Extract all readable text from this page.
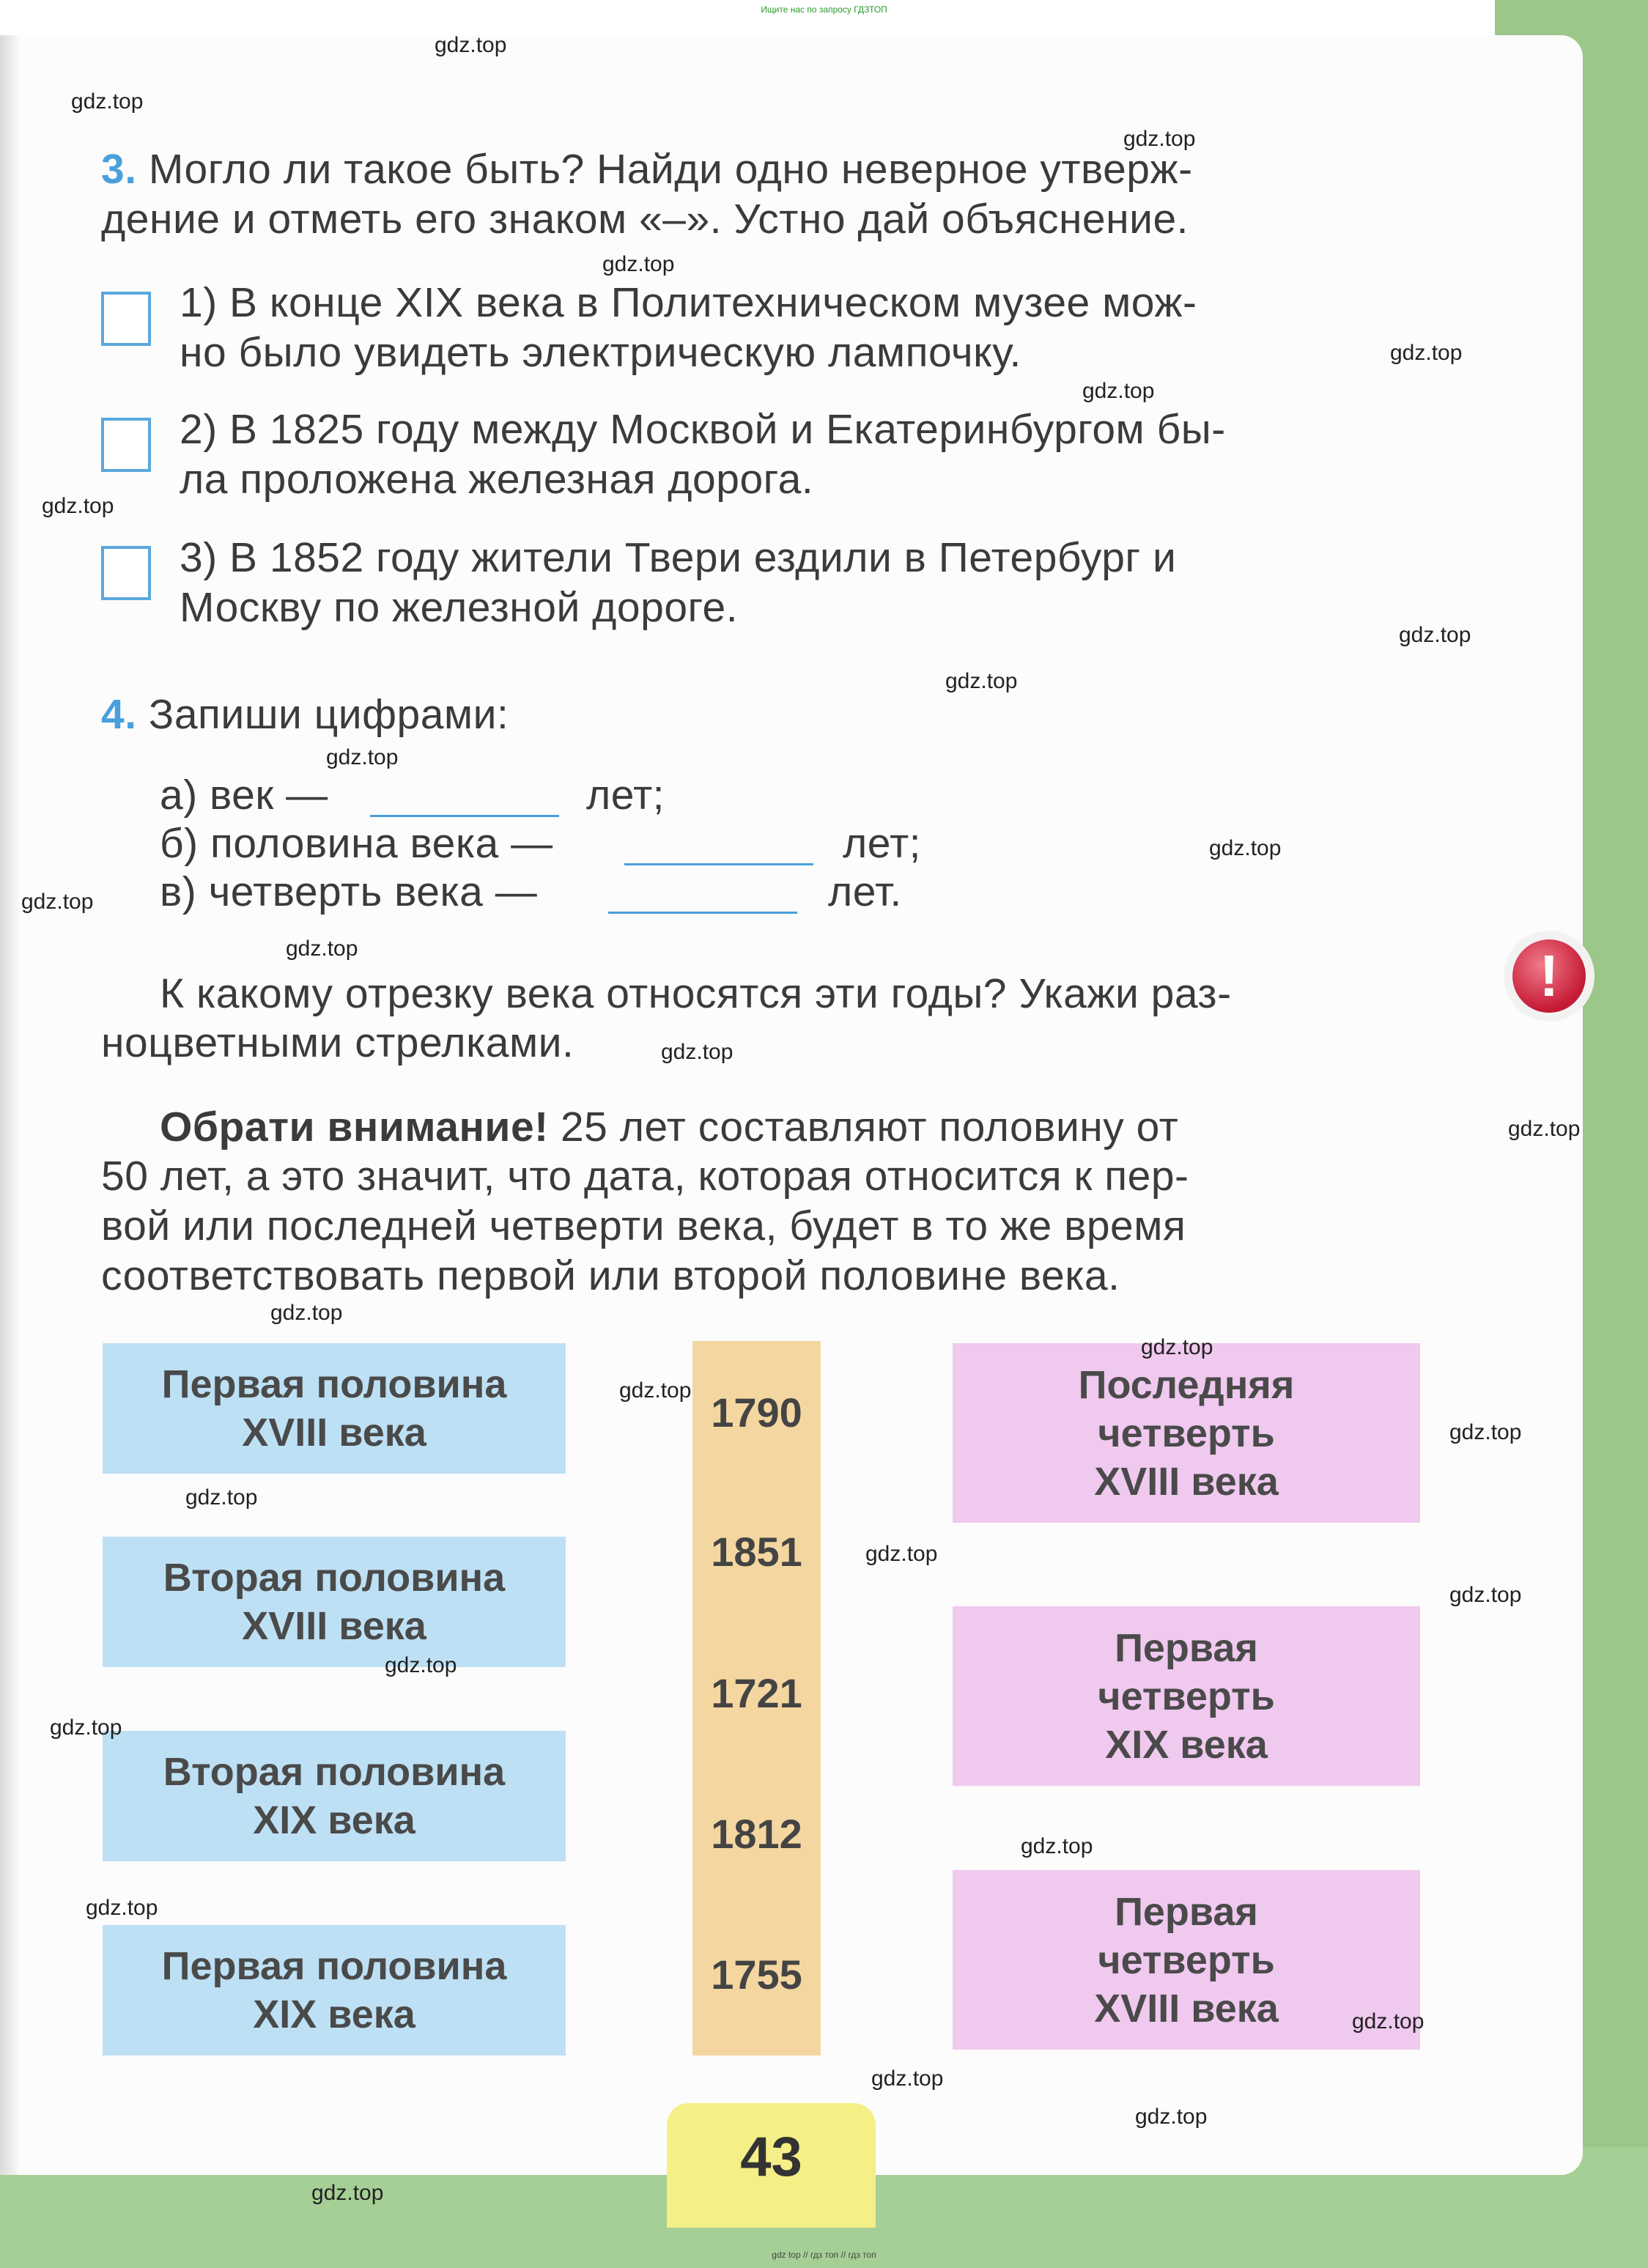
Ищите нас по запросу ГДЗТОП
3. Могло ли такое быть? Найди одно неверное утверж-
дение и отметь его знаком «–». Устно дай объяснение.
1) В конце XIX века в Политехническом музее мож-
но было увидеть электрическую лампочку.
2) В 1825 году между Москвой и Екатеринбургом бы-
ла проложена железная дорога.
3) В 1852 году жители Твери ездили в Петербург и
Москву по железной дороге.
4. Запиши цифрами:
а) век —	лет;
б) половина века —	лет;
в) четверть века —	лет.
К какому отрезку века относятся эти годы? Укажи раз-
ноцветными стрелками.
!
Обрати внимание! 25 лет составляют половину от
50 лет, а это значит, что дата, которая относится к пер-
вой или последней четверти века, будет в то же время
соответствовать первой или второй половине века.
Первая половина
XVIII века
Вторая половина
XVIII века
Вторая половина
XIX века
Первая половина
XIX века
1790
1851
1721
1812
1755
Последняя
четверть
XVIII века
Первая
четверть
XIX века
Первая
четверть
XVIII века
43
gdz top // гдз топ // гдз топ
gdz.top
gdz.top
gdz.top
gdz.top
gdz.top
gdz.top
gdz.top
gdz.top
gdz.top
gdz.top
gdz.top
gdz.top
gdz.top
gdz.top
gdz.top
gdz.top
gdz.top
gdz.top
gdz.top
gdz.top
gdz.top
gdz.top
gdz.top
gdz.top
gdz.top
gdz.top
gdz.top
gdz.top
gdz.top
gdz.top
